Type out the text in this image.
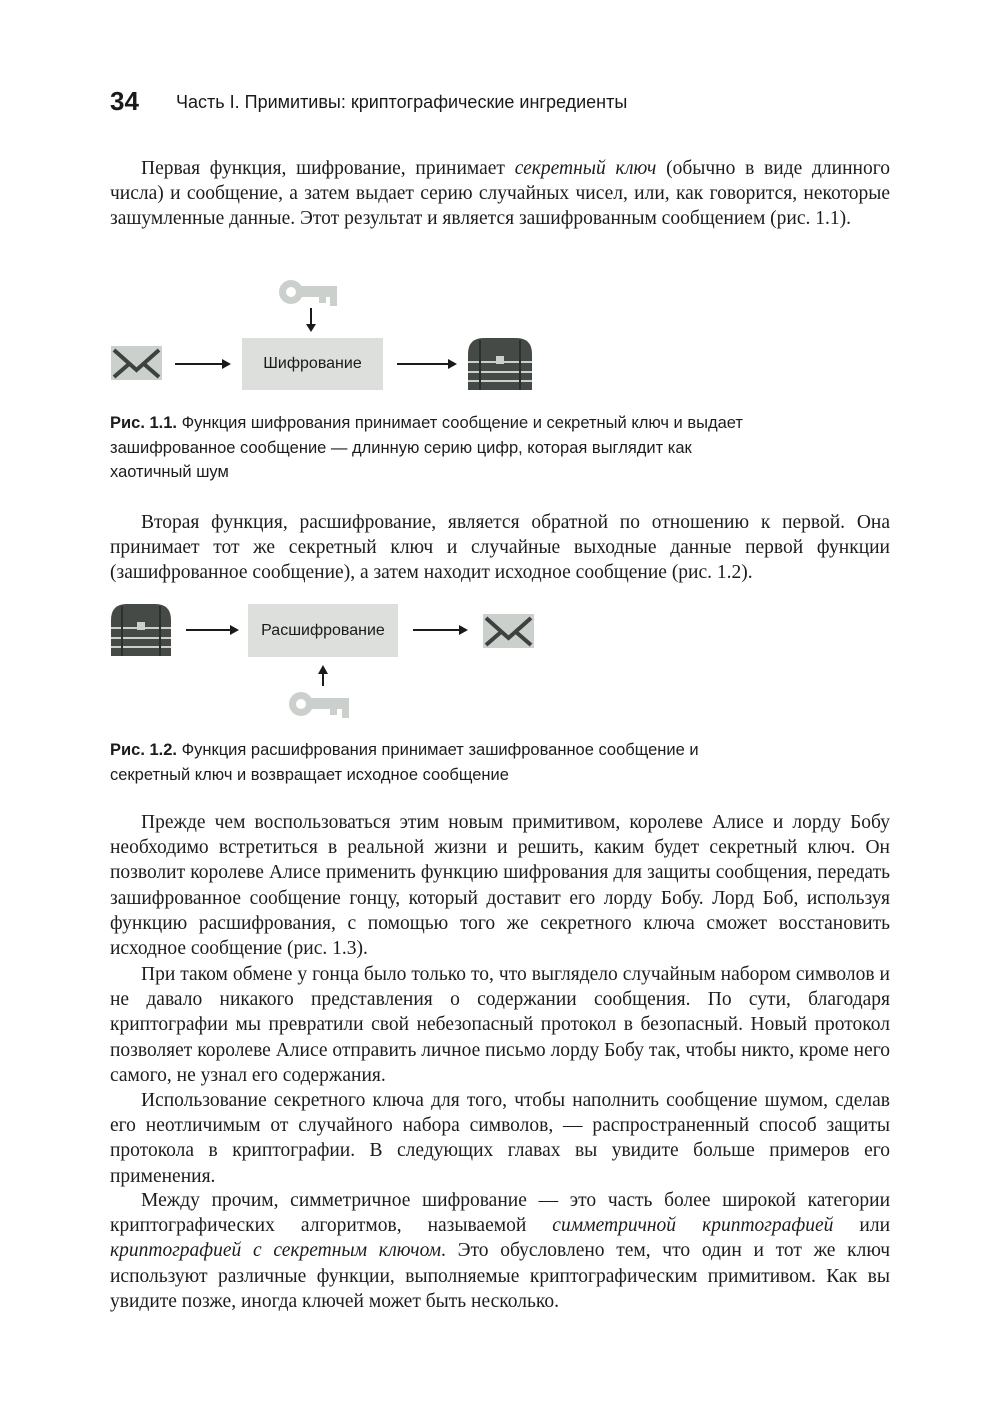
34 Часть I. Примитивы: криптографические ингредиенты

Первая функция, шифрование, принимает секретный ключ (обычно в виде длинного числа) и сообщение, а затем выдает серию случайных чисел, или, как говорится, некоторые зашумленные данные. Этот результат и является зашифрованным сообщением (рис. 1.1).

Шифрование

Рис. 1.1. Функция шифрования принимает сообщение и секретный ключ и выдает зашифрованное сообщение — длинную серию цифр, которая выглядит как хаотичный шум

Вторая функция, расшифрование, является обратной по отношению к первой. Она принимает тот же секретный ключ и случайные выходные данные первой функции (зашифрованное сообщение), а затем находит исходное сообщение (рис. 1.2).

Расшифрование

Рис. 1.2. Функция расшифрования принимает зашифрованное сообщение и секретный ключ и возвращает исходное сообщение

Прежде чем воспользоваться этим новым примитивом, королеве Алисе и лорду Бобу необходимо встретиться в реальной жизни и решить, каким будет секретный ключ. Он позволит королеве Алисе применить функцию шифрования для защиты сообщения, передать зашифрованное сообщение гонцу, который доставит его лорду Бобу. Лорд Боб, используя функцию расшифрования, с помощью того же секретного ключа сможет восстановить исходное сообщение (рис. 1.3).

При таком обмене у гонца было только то, что выглядело случайным набором символов и не давало никакого представления о содержании сообщения. По сути, благодаря криптографии мы превратили свой небезопасный протокол в безопасный. Новый протокол позволяет королеве Алисе отправить личное письмо лорду Бобу так, чтобы никто, кроме него самого, не узнал его содержания.

Использование секретного ключа для того, чтобы наполнить сообщение шумом, сделав его неотличимым от случайного набора символов, — распространенный способ защиты протокола в криптографии. В следующих главах вы увидите больше примеров его применения.

Между прочим, симметричное шифрование — это часть более широкой категории криптографических алгоритмов, называемой симметричной криптографией или криптографией с секретным ключом. Это обусловлено тем, что один и тот же ключ используют различные функции, выполняемые криптографическим примитивом. Как вы увидите позже, иногда ключей может быть несколько.
